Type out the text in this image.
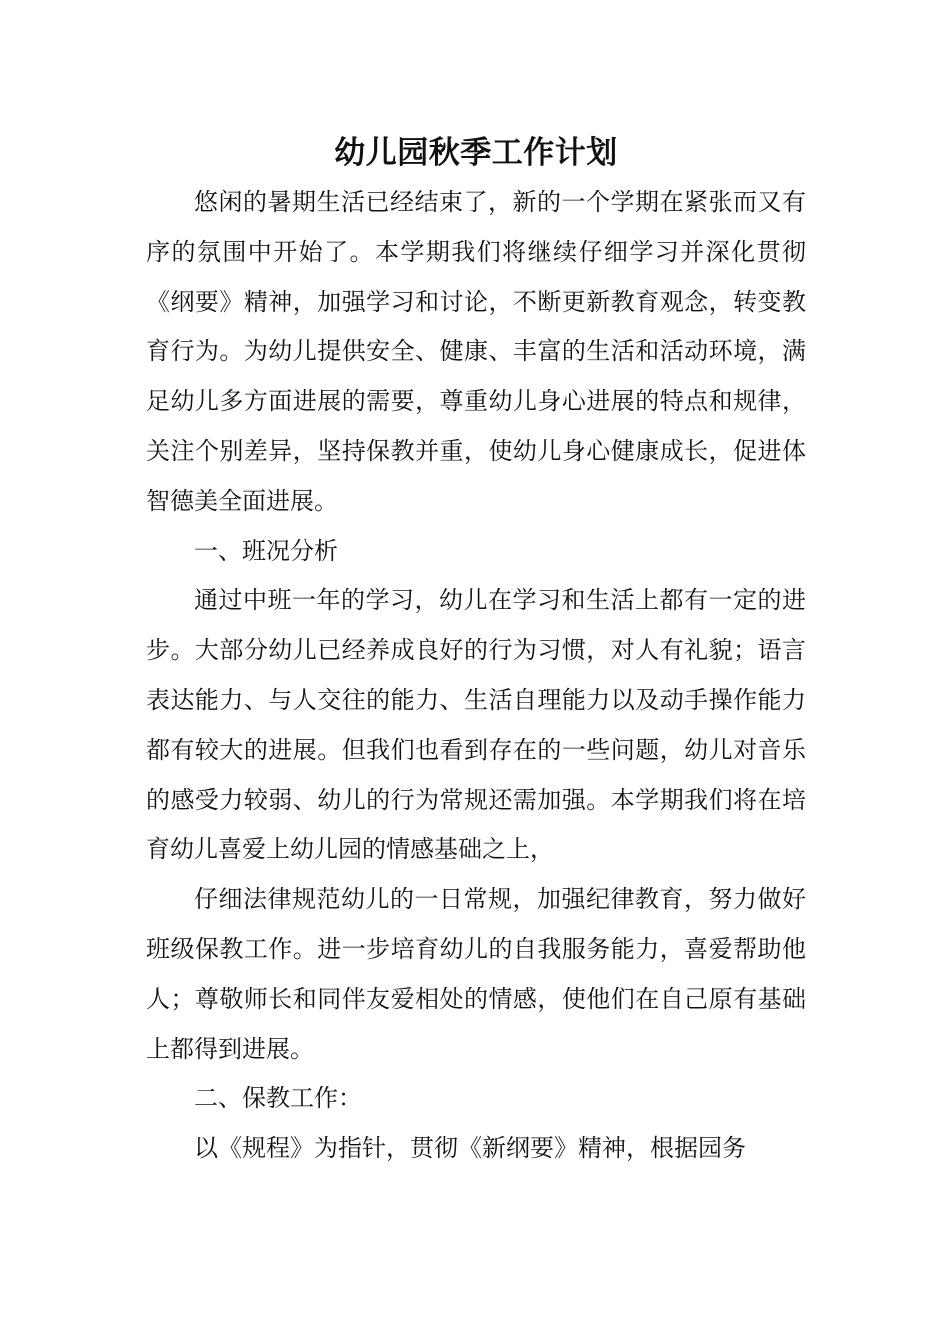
幼儿园秋季工作计划

悠闲的暑期生活已经结束了，新的一个学期在紧张而又有序的氛围中开始了。本学期我们将继续仔细学习并深化贯彻《纲要》精神，加强学习和讨论，不断更新教育观念，转变教育行为。为幼儿提供安全、健康、丰富的生活和活动环境，满足幼儿多方面进展的需要，尊重幼儿身心进展的特点和规律，关注个别差异，坚持保教并重，使幼儿身心健康成长，促进体智德美全面进展。

一、班况分析

通过中班一年的学习，幼儿在学习和生活上都有一定的进步。大部分幼儿已经养成良好的行为习惯，对人有礼貌；语言表达能力、与人交往的能力、生活自理能力以及动手操作能力都有较大的进展。但我们也看到存在的一些问题，幼儿对音乐的感受力较弱、幼儿的行为常规还需加强。本学期我们将在培育幼儿喜爱上幼儿园的情感基础之上，

仔细法律规范幼儿的一日常规，加强纪律教育，努力做好班级保教工作。进一步培育幼儿的自我服务能力，喜爱帮助他人；尊敬师长和同伴友爱相处的情感，使他们在自己原有基础上都得到进展。

二、保教工作：

以《规程》为指针，贯彻《新纲要》精神，根据园务
